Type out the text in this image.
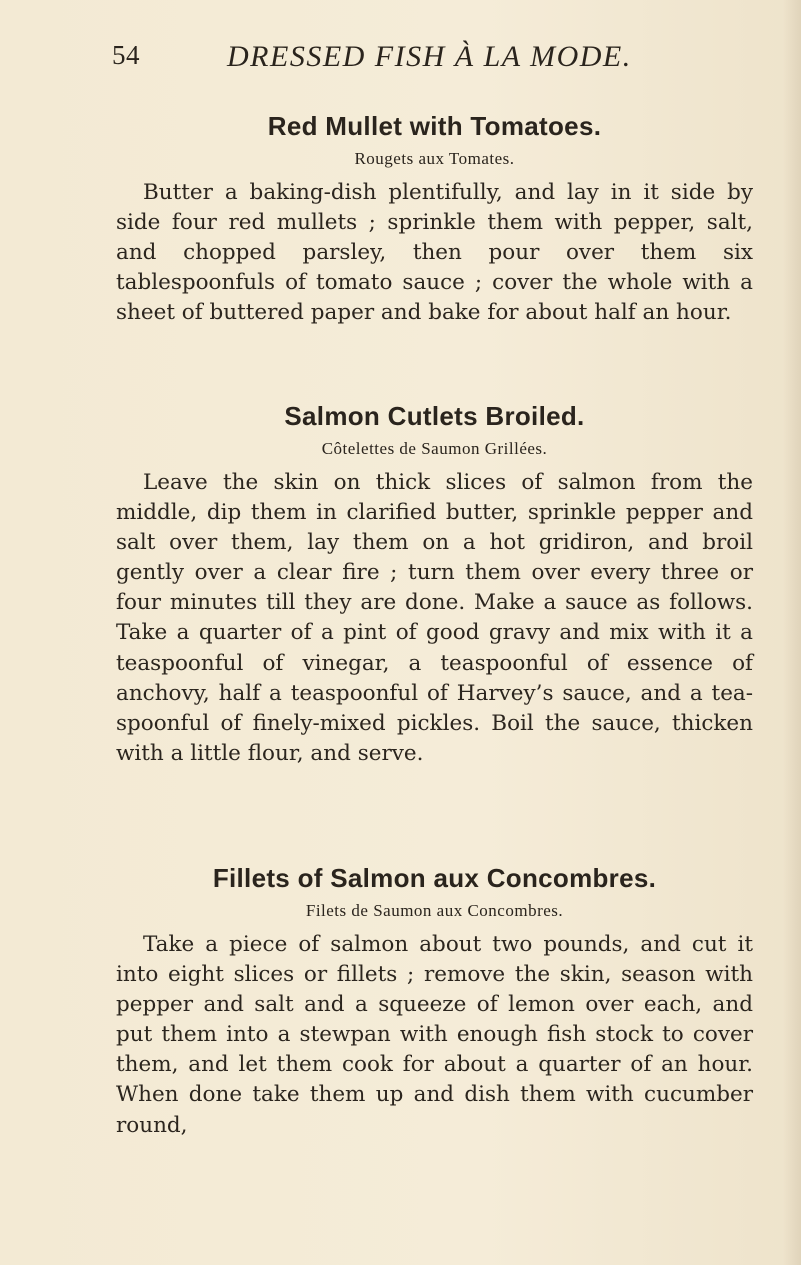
54	DRESSED FISH À LA MODE.
Red Mullet with Tomatoes.
Rougets aux Tomates.

Butter a baking-dish plentifully, and lay in it side by side four red mullets ; sprinkle them with pepper, salt, and chopped parsley, then pour over them six tablespoonfuls of tomato sauce ; cover the whole with a sheet of buttered paper and bake for about half an hour.

Salmon Cutlets Broiled.
Côtelettes de Saumon Grillées.

Leave the skin on thick slices of salmon from the middle, dip them in clarified butter, sprinkle pepper and salt over them, lay them on a hot gridiron, and broil gently over a clear fire ; turn them over every three or four minutes till they are done. Make a sauce as follows. Take a quarter of a pint of good gravy and mix with it a teaspoonful of vinegar, a teaspoonful of essence of anchovy, half a teaspoonful of Harvey’s sauce, and a teaspoonful of finely-mixed pickles. Boil the sauce, thicken with a little flour, and serve.

Fillets of Salmon aux Concombres.
Filets de Saumon aux Concombres.

Take a piece of salmon about two pounds, and cut it into eight slices or fillets ; remove the skin, season with pepper and salt and a squeeze of lemon over each, and put them into a stewpan with enough fish stock to cover them, and let them cook for about a quarter of an hour. When done take them up and dish them with cucumber round,
